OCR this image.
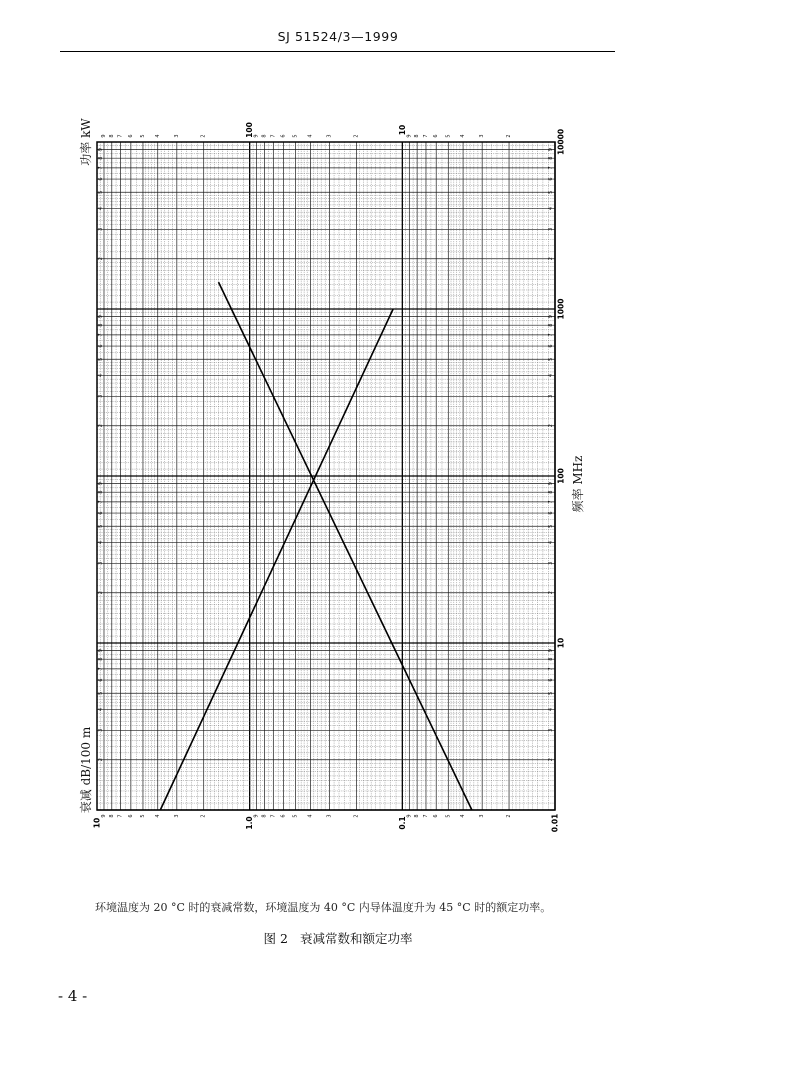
SJ 51524/3—1999
10	1.0	0.1	0.01
100	10	10000
1000
100
10
2
2
2
2
2
2
2	2
2	2
2	2
2	2
3
3
3
3
3
3
3	3
3	3
3	3
3	3
4
4
4
4
4
4
4	4
4	4
4	4
4	4
5
5
5
5
5
5
5	5
5	5
5	5
5	5
6
6
6
6
6
6
6	6
6	6
6	6
6	6
7
7
7
7
7
7
7	7
7	7
7	7
7	7
8
8
8
8
8
8
8	8
8	8
8	8
8	8
9
9
9
9
9
9
9	9
9	9
9	9
9	9
功率 kW
衰减 dB/100 m
频率 MHz
环境温度为 20 °C 时的衰减常数，环境温度为 40 °C 内导体温度升为 45 °C 时的额定功率。
图 2 衰减常数和额定功率
- 4 -
